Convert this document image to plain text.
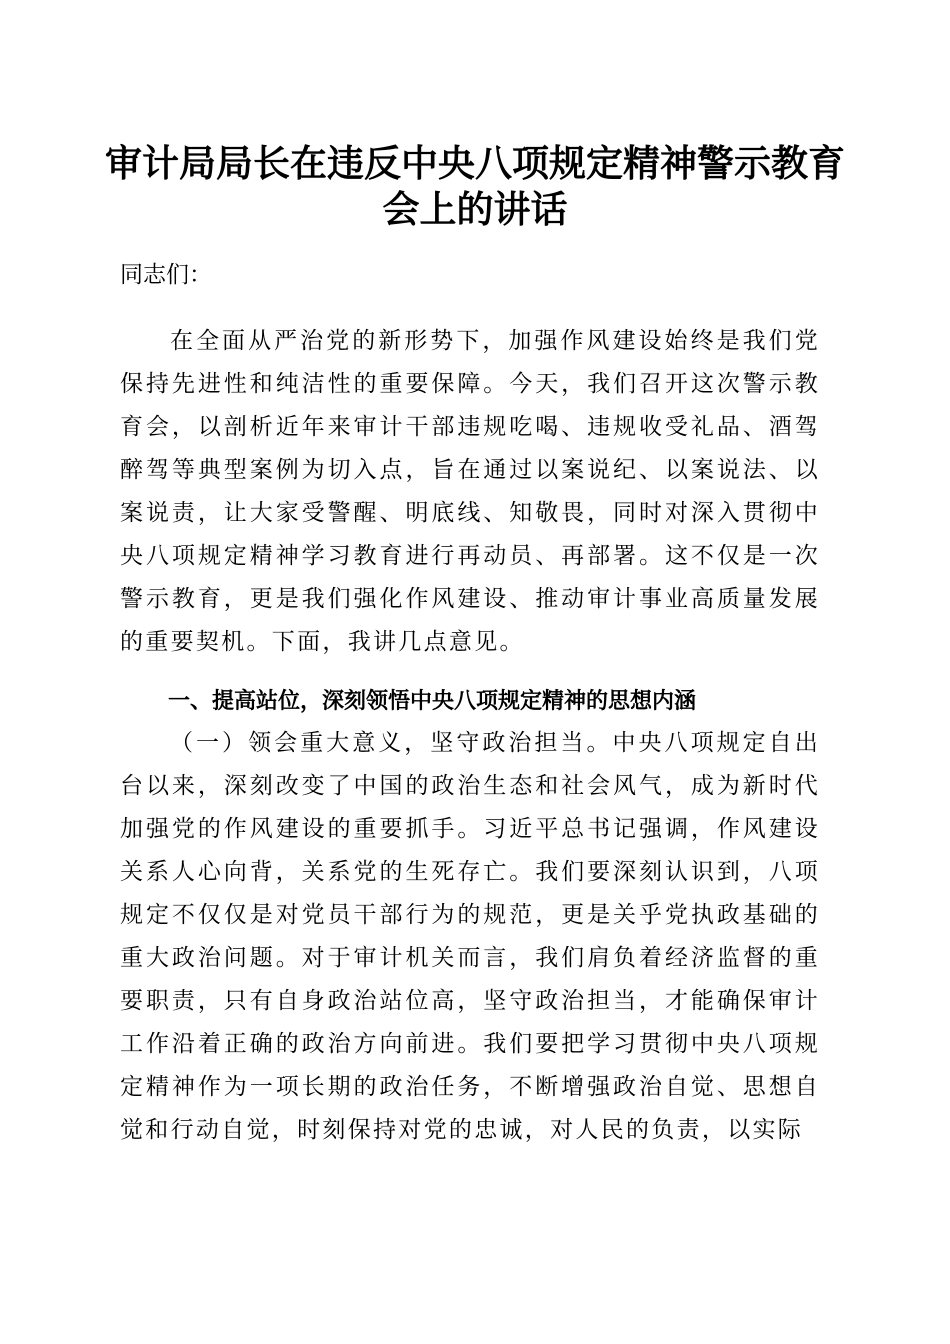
审计局局长在违反中央八项规定精神警示教育
会上的讲话

同志们：

在全面从严治党的新形势下，加强作风建设始终是我们党保持先进性和纯洁性的重要保障。今天，我们召开这次警示教育会，以剖析近年来审计干部违规吃喝、违规收受礼品、酒驾醉驾等典型案例为切入点，旨在通过以案说纪、以案说法、以案说责，让大家受警醒、明底线、知敬畏，同时对深入贯彻中央八项规定精神学习教育进行再动员、再部署。这不仅是一次警示教育，更是我们强化作风建设、推动审计事业高质量发展的重要契机。下面，我讲几点意见。

一、提高站位，深刻领悟中央八项规定精神的思想内涵

（一）领会重大意义，坚守政治担当。中央八项规定自出台以来，深刻改变了中国的政治生态和社会风气，成为新时代加强党的作风建设的重要抓手。习近平总书记强调，作风建设关系人心向背，关系党的生死存亡。我们要深刻认识到，八项规定不仅仅是对党员干部行为的规范，更是关乎党执政基础的重大政治问题。对于审计机关而言，我们肩负着经济监督的重要职责，只有自身政治站位高，坚守政治担当，才能确保审计工作沿着正确的政治方向前进。我们要把学习贯彻中央八项规定精神作为一项长期的政治任务，不断增强政治自觉、思想自觉和行动自觉，时刻保持对党的忠诚，对人民的负责，以实际
